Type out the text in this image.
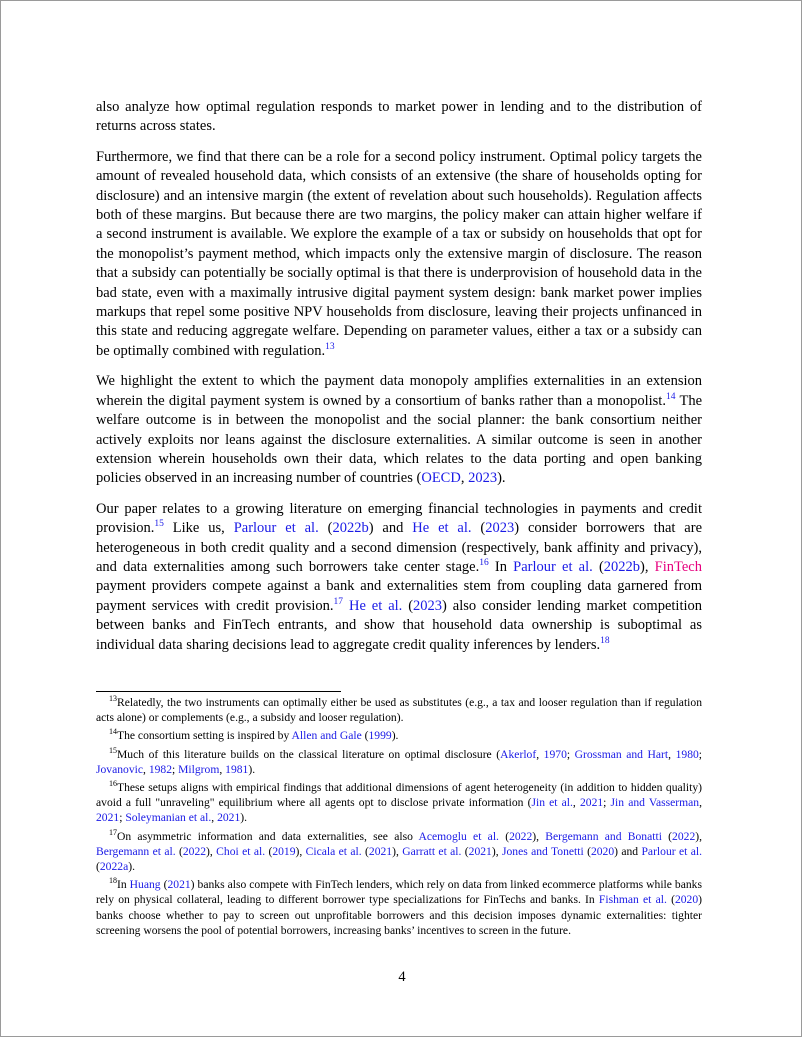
also analyze how optimal regulation responds to market power in lending and to the distribution of returns across states.

Furthermore, we find that there can be a role for a second policy instrument. Optimal policy targets the amount of revealed household data, which consists of an extensive (the share of households opting for disclosure) and an intensive margin (the extent of revelation about such households). Regulation affects both of these margins. But because there are two margins, the policy maker can attain higher welfare if a second instrument is available. We explore the example of a tax or subsidy on households that opt for the monopolist’s payment method, which impacts only the extensive margin of disclosure. The reason that a subsidy can potentially be socially optimal is that there is underprovision of household data in the bad state, even with a maximally intrusive digital payment system design: bank market power implies markups that repel some positive NPV households from disclosure, leaving their projects unfinanced in this state and reducing aggregate welfare. Depending on parameter values, either a tax or a subsidy can be optimally combined with regulation.$^{13}$

We highlight the extent to which the payment data monopoly amplifies externalities in an extension wherein the digital payment system is owned by a consortium of banks rather than a monopolist.$^{14}$ The welfare outcome is in between the monopolist and the social planner: the bank consortium neither actively exploits nor leans against the disclosure externalities. A similar outcome is seen in another extension wherein households own their data, which relates to the data porting and open banking policies observed in an increasing number of countries (OECD, 2023).

Our paper relates to a growing literature on emerging financial technologies in payments and credit provision.$^{15}$ Like us, Parlour et al. (2022b) and He et al. (2023) consider borrowers that are heterogeneous in both credit quality and a second dimension (respectively, bank affinity and privacy), and data externalities among such borrowers take center stage.$^{16}$ In Parlour et al. (2022b), FinTech payment providers compete against a bank and externalities stem from coupling data garnered from payment services with credit provision.$^{17}$ He et al. (2023) also consider lending market competition between banks and FinTech entrants, and show that household data ownership is suboptimal as individual data sharing decisions lead to aggregate credit quality inferences by lenders.$^{18}$

$^{13}$Relatedly, the two instruments can optimally either be used as substitutes (e.g., a tax and looser regulation than if regulation acts alone) or complements (e.g., a subsidy and looser regulation).

$^{14}$The consortium setting is inspired by Allen and Gale (1999).

$^{15}$Much of this literature builds on the classical literature on optimal disclosure (Akerlof, 1970; Grossman and Hart, 1980; Jovanovic, 1982; Milgrom, 1981).

$^{16}$These setups aligns with empirical findings that additional dimensions of agent heterogeneity (in addition to hidden quality) avoid a full "unraveling" equilibrium where all agents opt to disclose private information (Jin et al., 2021; Jin and Vasserman, 2021; Soleymanian et al., 2021).

$^{17}$On asymmetric information and data externalities, see also Acemoglu et al. (2022), Bergemann and Bonatti (2022), Bergemann et al. (2022), Choi et al. (2019), Cicala et al. (2021), Garratt et al. (2021), Jones and Tonetti (2020) and Parlour et al. (2022a).

$^{18}$In Huang (2021) banks also compete with FinTech lenders, which rely on data from linked ecommerce platforms while banks rely on physical collateral, leading to different borrower type specializations for FinTechs and banks. In Fishman et al. (2020) banks choose whether to pay to screen out unprofitable borrowers and this decision imposes dynamic externalities: tighter screening worsens the pool of potential borrowers, increasing banks’ incentives to screen in the future.

4
